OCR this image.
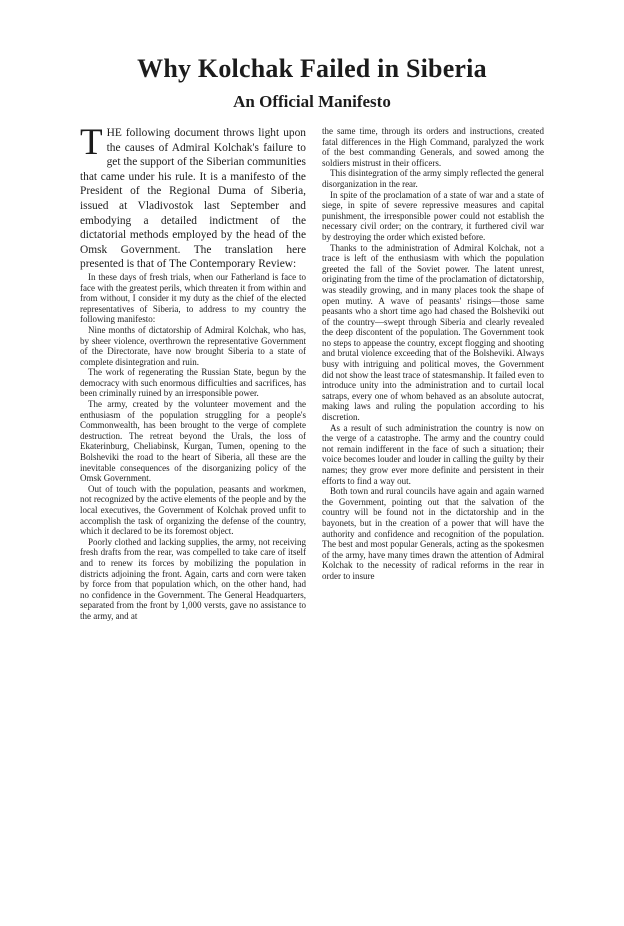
Why Kolchak Failed in Siberia
An Official Manifesto

THE following document throws light upon the causes of Admiral Kolchak's failure to get the support of the Siberian communities that came under his rule. It is a manifesto of the President of the Regional Duma of Siberia, issued at Vladivostok last September and embodying a detailed indictment of the dictatorial methods employed by the head of the Omsk Government. The translation here presented is that of The Contemporary Review:

In these days of fresh trials, when our Fatherland is face to face with the greatest perils, which threaten it from within and from without, I consider it my duty as the chief of the elected representatives of Siberia, to address to my country the following manifesto:

Nine months of dictatorship of Admiral Kolchak, who has, by sheer violence, overthrown the representative Government of the Directorate, have now brought Siberia to a state of complete disintegration and ruin.

The work of regenerating the Russian State, begun by the democracy with such enormous difficulties and sacrifices, has been criminally ruined by an irresponsible power.

The army, created by the volunteer movement and the enthusiasm of the population struggling for a people's Commonwealth, has been brought to the verge of complete destruction. The retreat beyond the Urals, the loss of Ekaterinburg, Cheliabinsk, Kurgan, Tumen, opening to the Bolsheviki the road to the heart of Siberia, all these are the inevitable consequences of the disorganizing policy of the Omsk Government.

Out of touch with the population, peasants and workmen, not recognized by the active elements of the people and by the local executives, the Government of Kolchak proved unfit to accomplish the task of organizing the defense of the country, which it declared to be its foremost object.

Poorly clothed and lacking supplies, the army, not receiving fresh drafts from the rear, was compelled to take care of itself and to renew its forces by mobilizing the population in districts adjoining the front. Again, carts and corn were taken by force from that population which, on the other hand, had no confidence in the Government. The General Headquarters, separated from the front by 1,000 versts, gave no assistance to the army, and at

the same time, through its orders and instructions, created fatal differences in the High Command, paralyzed the work of the best commanding Generals, and sowed among the soldiers mistrust in their officers.

This disintegration of the army simply reflected the general disorganization in the rear.

In spite of the proclamation of a state of war and a state of siege, in spite of severe repressive measures and capital punishment, the irresponsible power could not establish the necessary civil order; on the contrary, it furthered civil war by destroying the order which existed before.

Thanks to the administration of Admiral Kolchak, not a trace is left of the enthusiasm with which the population greeted the fall of the Soviet power. The latent unrest, originating from the time of the proclamation of dictatorship, was steadily growing, and in many places took the shape of open mutiny. A wave of peasants' risings—those same peasants who a short time ago had chased the Bolsheviki out of the country—swept through Siberia and clearly revealed the deep discontent of the population. The Government took no steps to appease the country, except flogging and shooting and brutal violence exceeding that of the Bolsheviki. Always busy with intriguing and political moves, the Government did not show the least trace of statesmanship. It failed even to introduce unity into the administration and to curtail local satraps, every one of whom behaved as an absolute autocrat, making laws and ruling the population according to his discretion.

As a result of such administration the country is now on the verge of a catastrophe. The army and the country could not remain indifferent in the face of such a situation; their voice becomes louder and louder in calling the guilty by their names; they grow ever more definite and persistent in their efforts to find a way out.

Both town and rural councils have again and again warned the Government, pointing out that the salvation of the country will be found not in the dictatorship and in the bayonets, but in the creation of a power that will have the authority and confidence and recognition of the population. The best and most popular Generals, acting as the spokesmen of the army, have many times drawn the attention of Admiral Kolchak to the necessity of radical reforms in the rear in order to insure
